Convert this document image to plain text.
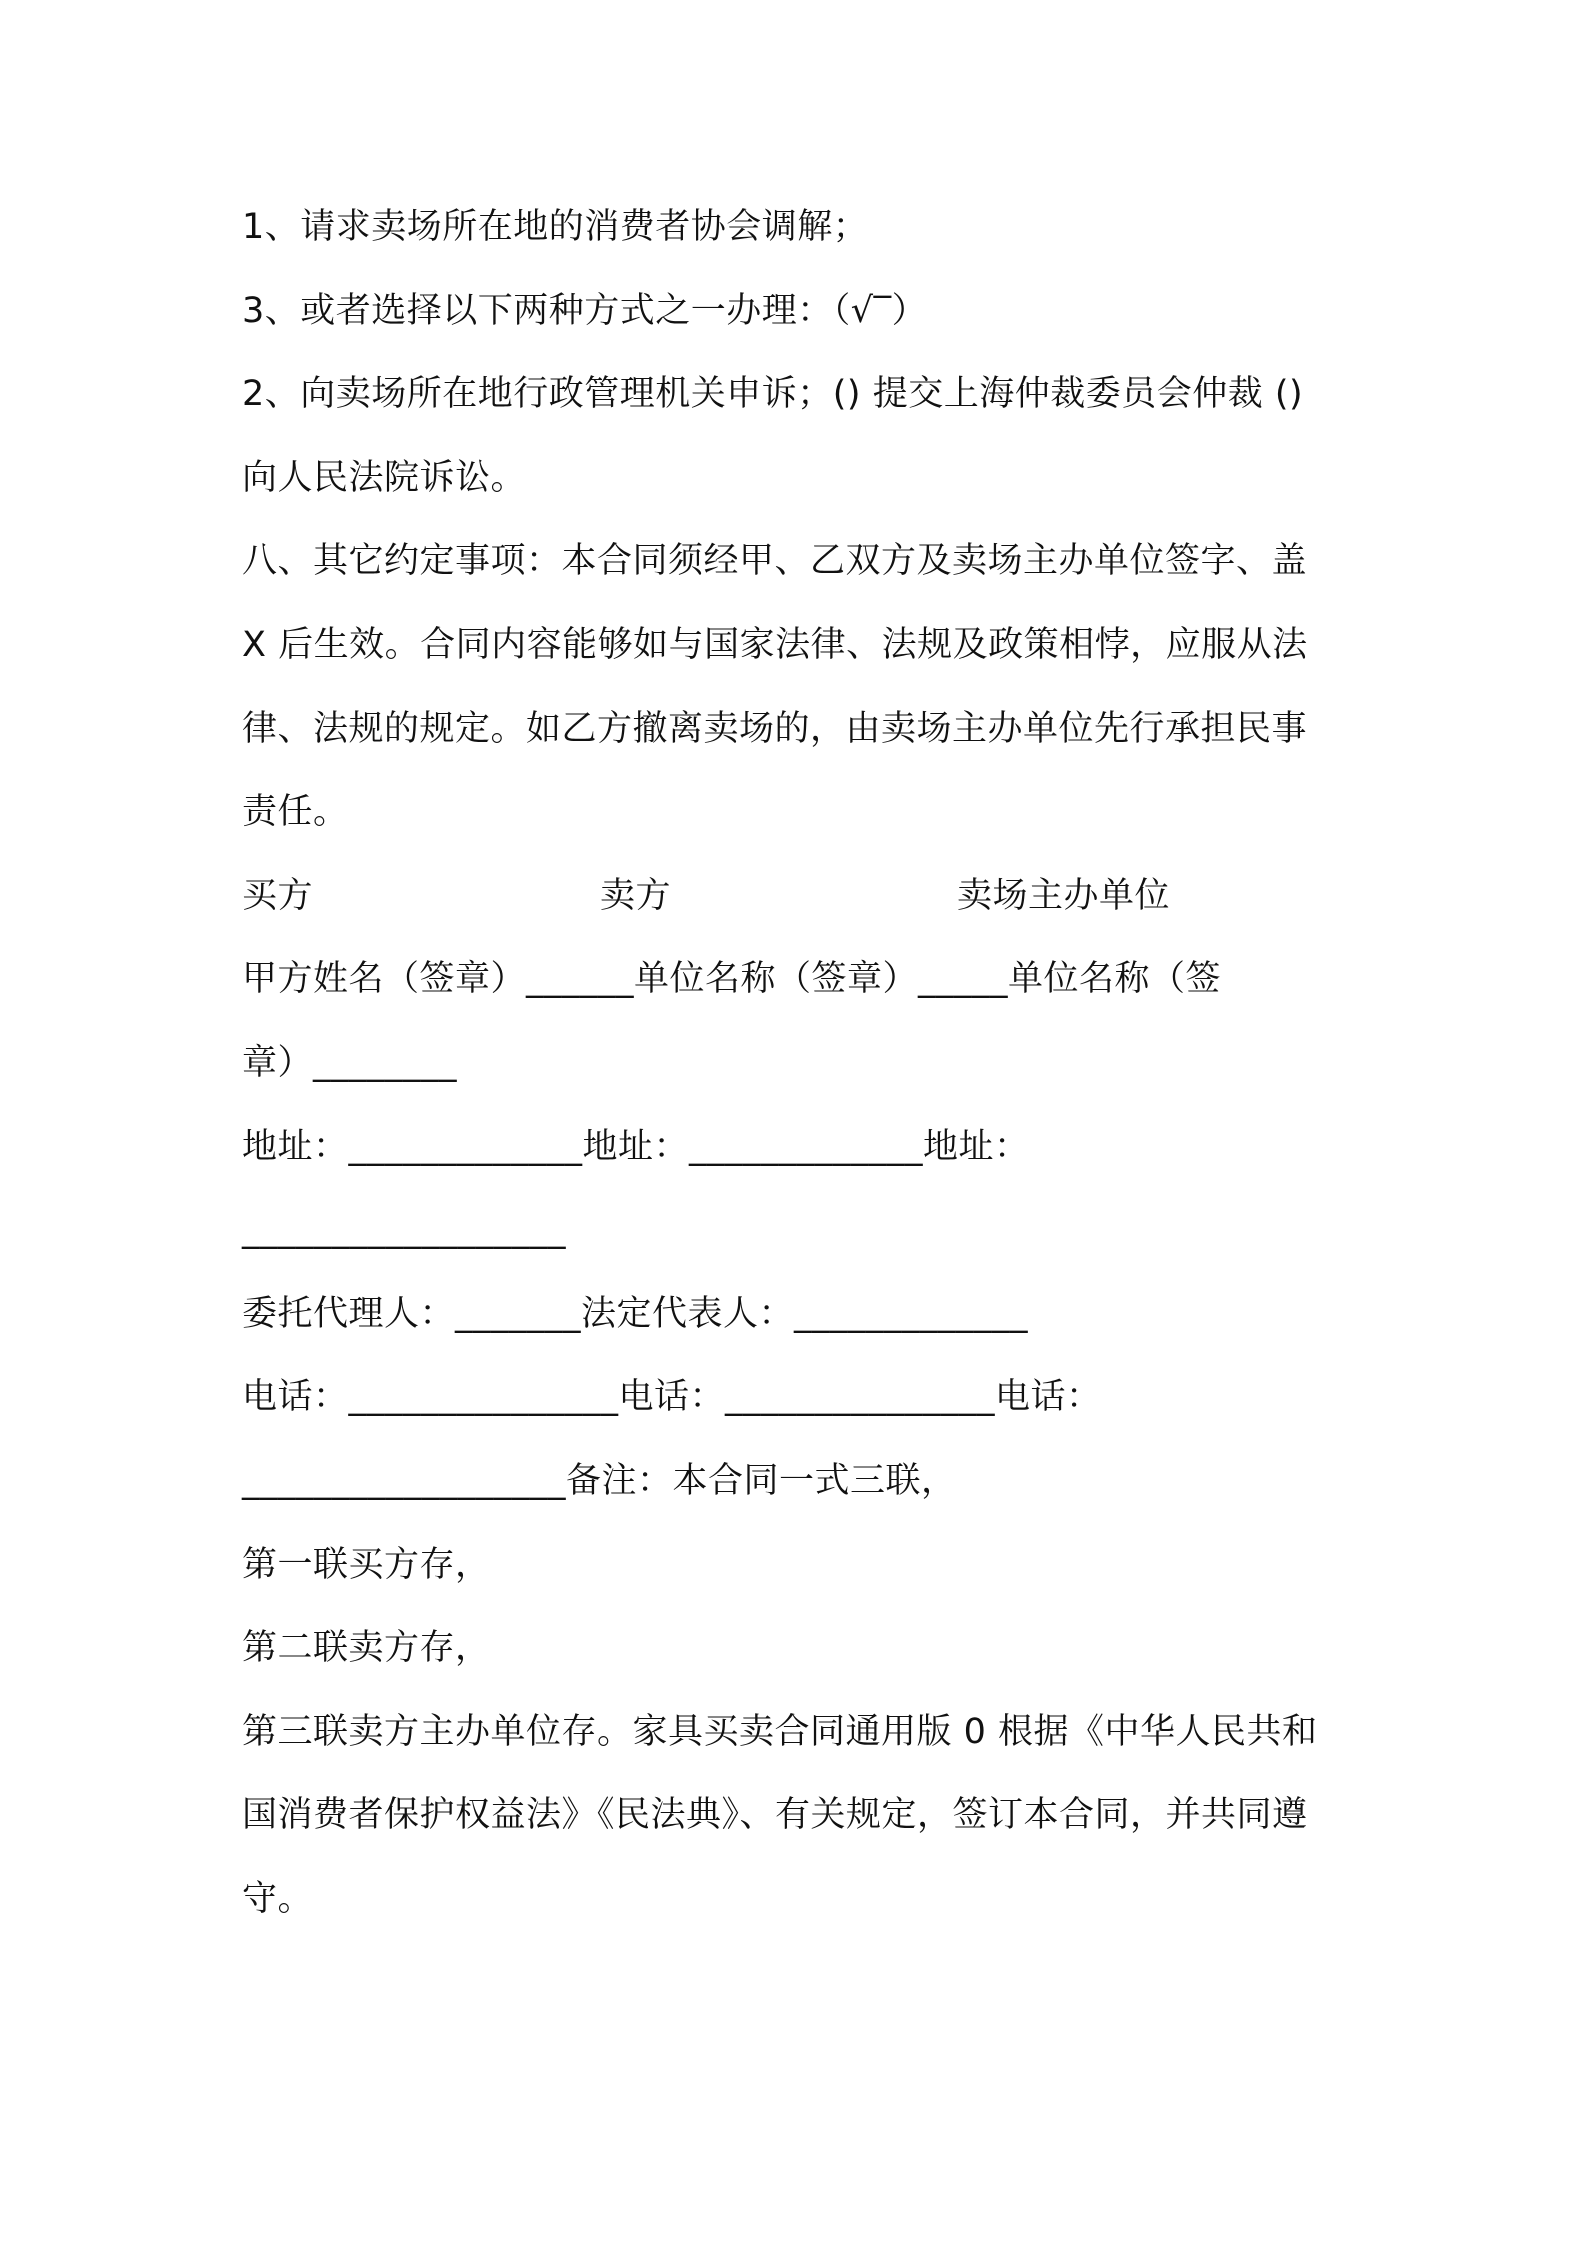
1、请求卖场所在地的消费者协会调解；
3、或者选择以下两种方式之一办理：（√‾）
2、向卖场所在地行政管理机关申诉；() 提交上海仲裁委员会仲裁 ()
向人民法院诉讼。
八、其它约定事项：本合同须经甲、乙双方及卖场主办单位签字、盖
X 后生效。合同内容能够如与国家法律、法规及政策相悖，应服从法
律、法规的规定。如乙方撤离卖场的，由卖场主办单位先行承担民事
责任。

买方

	卖方

	卖场主办单位

甲方姓名（签章）______单位名称（签章）_____单位名称（签
章）________
地址：_____________地址：_____________地址：
__________________
委托代理人：_______法定代表人：_____________
电话：_______________电话：_______________电话：
__________________备注：本合同一式三联，
第一联买方存，
第二联卖方存，
第三联卖方主办单位存。家具买卖合同通用版 0 根据《中华人民共和
国消费者保护权益法》《民法典》、有关规定，签订本合同，并共同遵
守。
